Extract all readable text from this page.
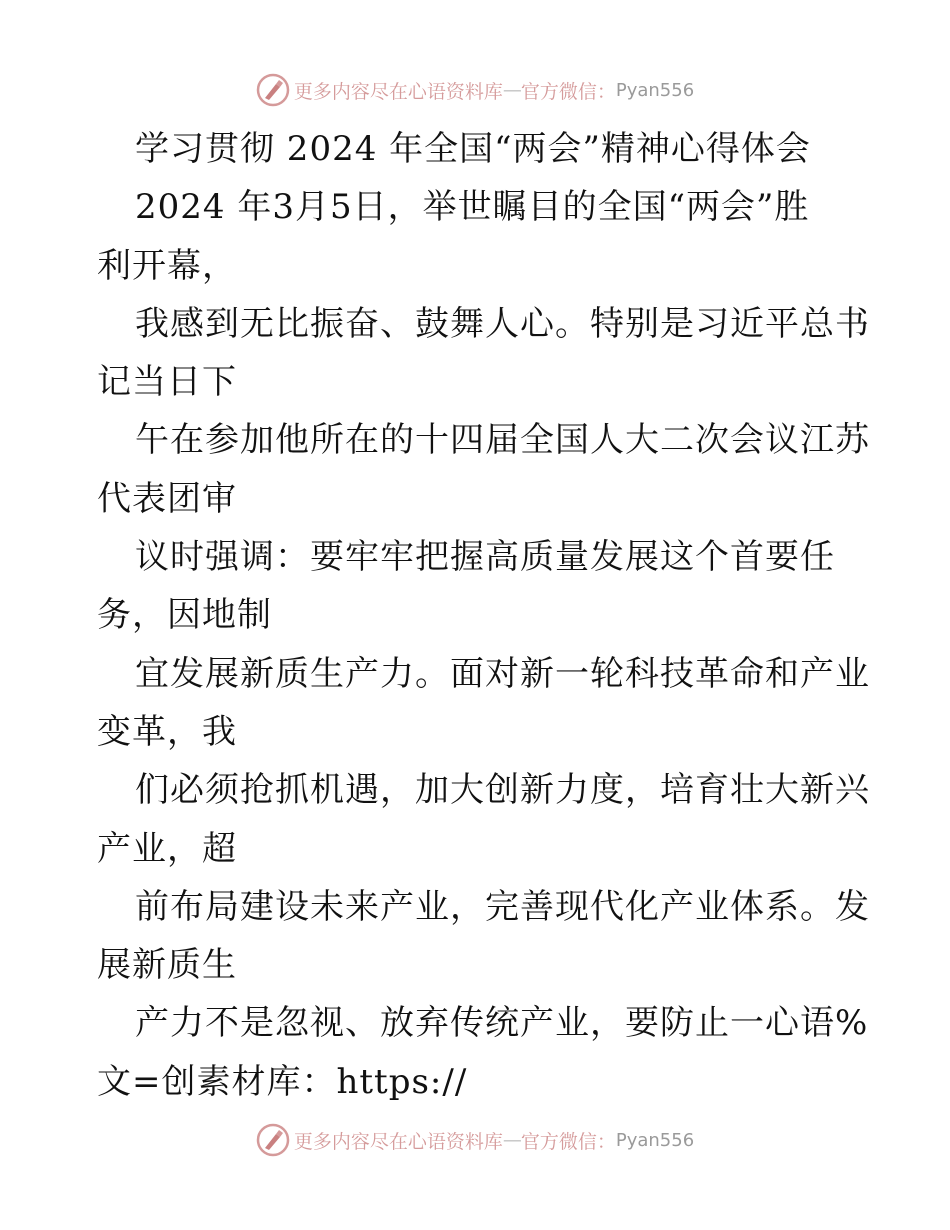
更多内容尽在心语资料库 — 官方微信： Pyan556
学习贯彻 2024 年全国“两会”精神心得体会
2024 年3月5日，举世瞩目的全国“两会”胜
利开幕，
我感到无比振奋、鼓舞人心。特别是习近平总书
记当日下
午在参加他所在的十四届全国人大二次会议江苏
代表团审
议时强调：要牢牢把握高质量发展这个首要任
务，因地制
宜发展新质生产力。面对新一轮科技革命和产业
变革，我
们必须抢抓机遇，加大创新力度，培育壮大新兴
产业，超
前布局建设未来产业，完善现代化产业体系。发
展新质生
产力不是忽视、放弃传统产业，要防止一心语%
文=创素材库：https://
更多内容尽在心语资料库 — 官方微信： Pyan556
